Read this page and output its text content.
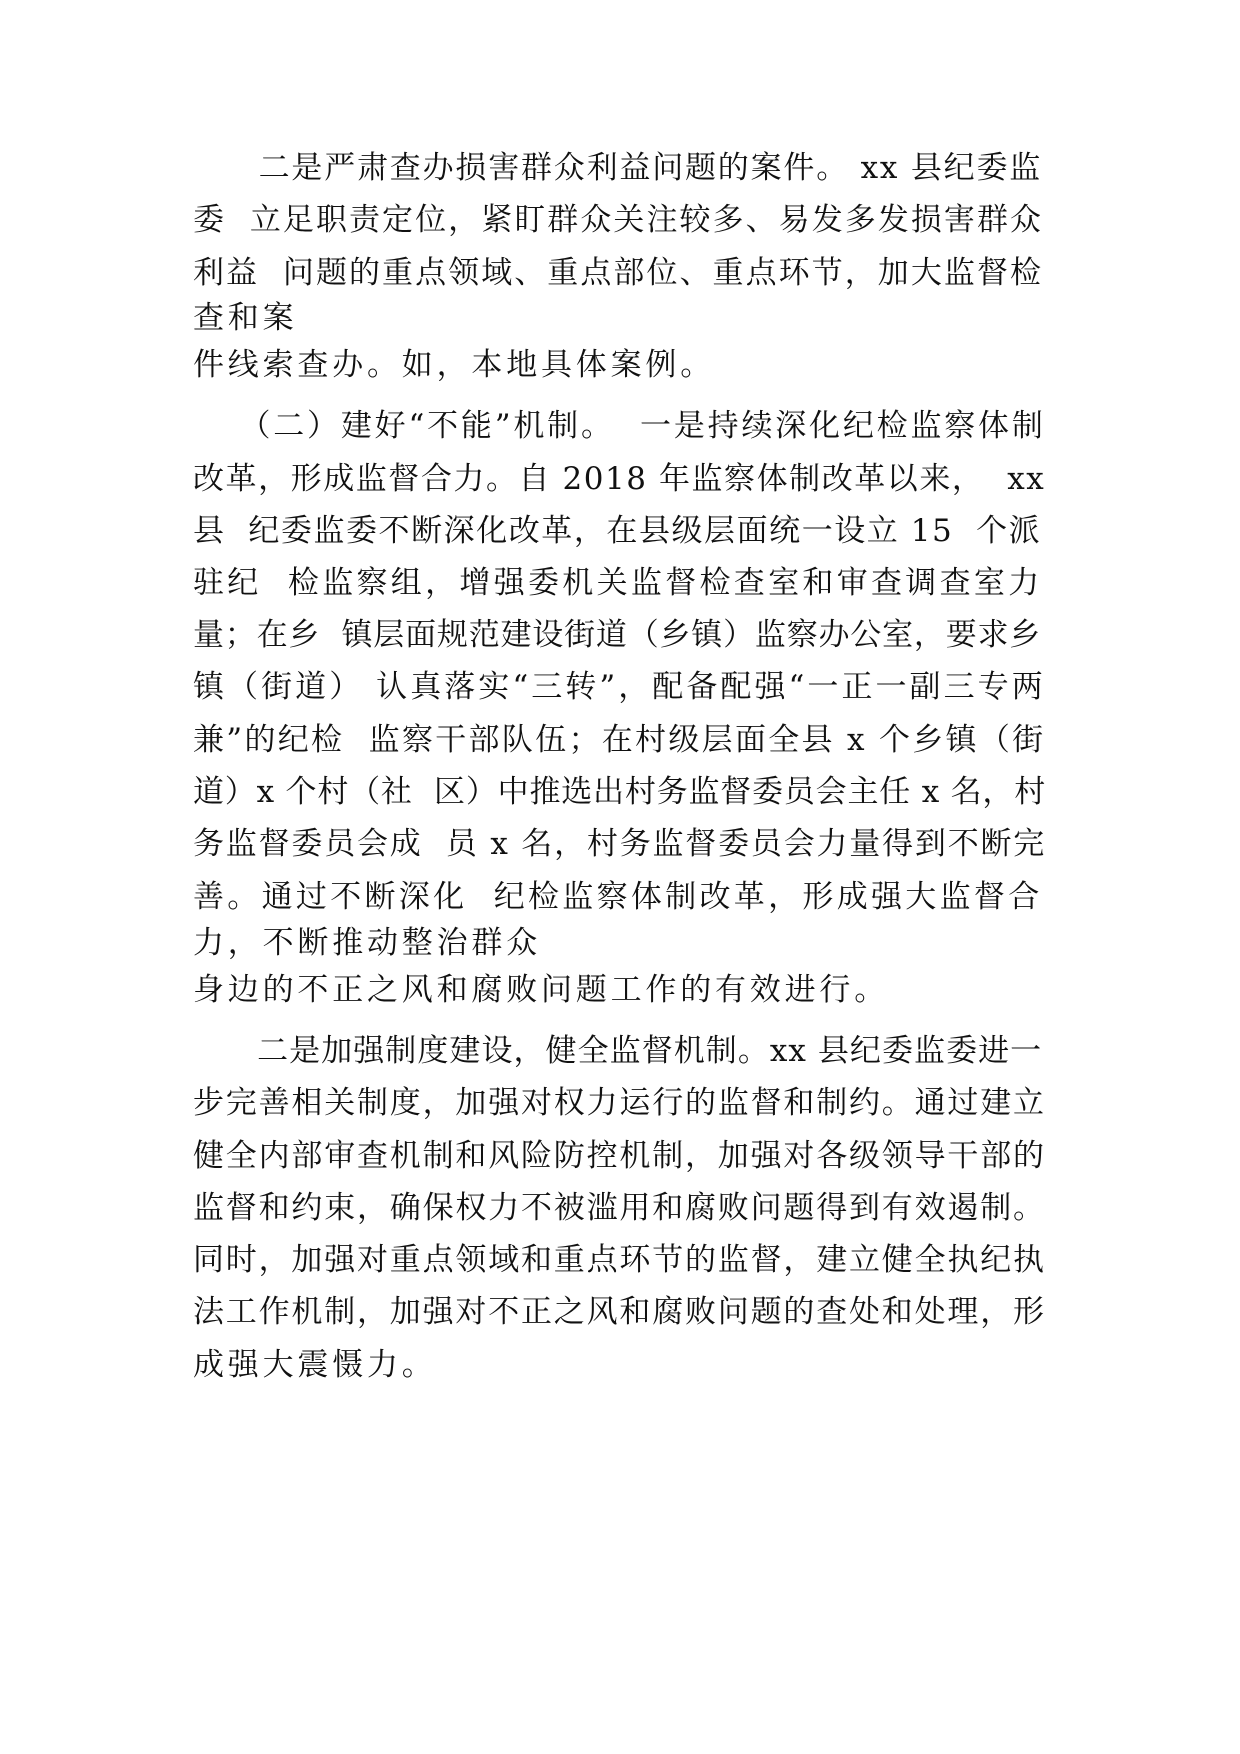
　　二是严肃查办损害群众利益问题的案件。 xx 县纪委监
委  立足职责定位，紧盯群众关注较多、易发多发损害群众
利益  问题的重点领域、重点部位、重点环节，加大监督检
查和案
件线索查办。如，本地具体案例。
　 （二）建好“不能”机制。  一是持续深化纪检监察体制
改革，形成监督合力。自 2018 年监察体制改革以来，  xx
县  纪委监委不断深化改革，在县级层面统一设立 15  个派
驻纪  检监察组，增强委机关监督检查室和审查调查室力
量；在乡  镇层面规范建设街道（乡镇）监察办公室，要求乡
镇（街道） 认真落实“三转”，配备配强“一正一副三专两
兼”的纪检  监察干部队伍；在村级层面全县 x 个乡镇（街
道）x 个村（社  区）中推选出村务监督委员会主任 x 名，村
务监督委员会成  员 x 名，村务监督委员会力量得到不断完
善。通过不断深化  纪检监察体制改革，形成强大监督合
力，不断推动整治群众
身边的不正之风和腐败问题工作的有效进行。
　　二是加强制度建设，健全监督机制。xx 县纪委监委进一
步完善相关制度，加强对权力运行的监督和制约。通过建立
健全内部审查机制和风险防控机制，加强对各级领导干部的
监督和约束，确保权力不被滥用和腐败问题得到有效遏制。
同时，加强对重点领域和重点环节的监督，建立健全执纪执
法工作机制，加强对不正之风和腐败问题的查处和处理，形
成强大震慑力。
